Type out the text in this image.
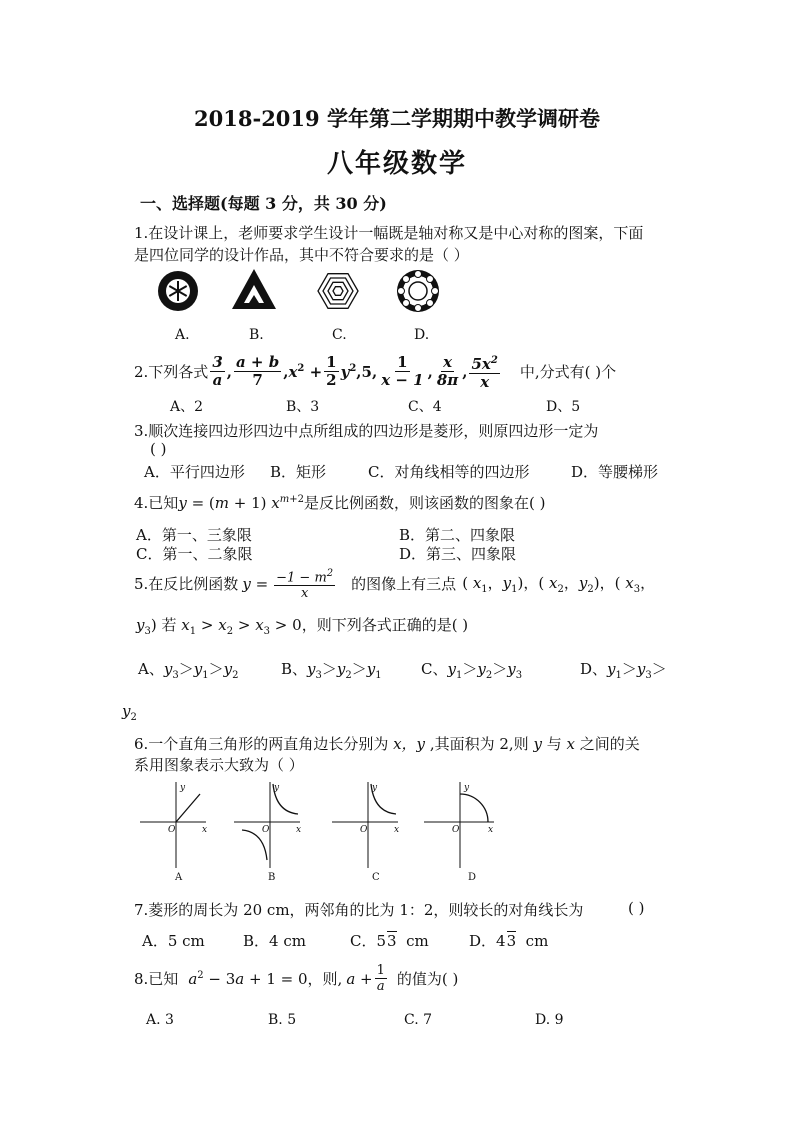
2018-2019 学年第二学期期中教学调研卷
八年级数学
一、选择题(每题 3 分，共 30 分)
1.在设计课上，老师要求学生设计一幅既是轴对称又是中心对称的图案，下面
是四位同学的设计作品，其中不符合要求的是（ ）
A.	B.	C.	D.
2.下列各式 $\frac{3}{a}$ , $\frac{a + b}{7}$ , $x^2 + \frac{1}{2} y^2,5$, $\frac{1}{x - 1}$ , $\frac{x}{8\pi}$ , $\frac{5x^2}{x}$ 中,分式有( )个
A、2	B、3	C、4	D、5
3.顺次连接四边形四边中点所组成的四边形是菱形，则原四边形一定为
( )
A．平行四边形 B．矩形	C．对角线相等的四边形	D．等腰梯形
4.已知y = (m + 1) $x^{m+2}$是反比例函数，则该函数的图象在( )
A．第一、三象限	B．第二、四象限
C．第一、二象限	D．第三、四象限
5.在反比例函数 $y = \frac{-1 - m^2}{x}$ 的图像上有三点 ( $x_1$，$y_1$)，( $x_2$，$y_2$)，( $x_3$，
$y_3$) 若 $x_1 > x_2 > x_3 > 0$，则下列各式正确的是( )
A、$y_3>y_1>y_2$	B、$y_3>y_2>y_1$	C、$y_1>y_2>y_3$	D、$y_1>y_3>$
$y_2$
6.一个直角三角形的两直角边长分别为 x，y ,其面积为 2,则 y 与 x 之间的关
系用图象表示大致为（ ）
y
x
O
y
x
O
y
x
O
y
x
O
A	B	C	D
7.菱形的周长为 20 cm，两邻角的比为 1：2，则较长的对角线长为	( )
A．5 cm	B．4 cm	C．53 cm	D．43 cm
8.已知 $a^2 - 3a + 1 = 0$ ，则, $a + \frac{1}{a}$ 的值为( )
A. 3	B. 5	C. 7	D. 9
